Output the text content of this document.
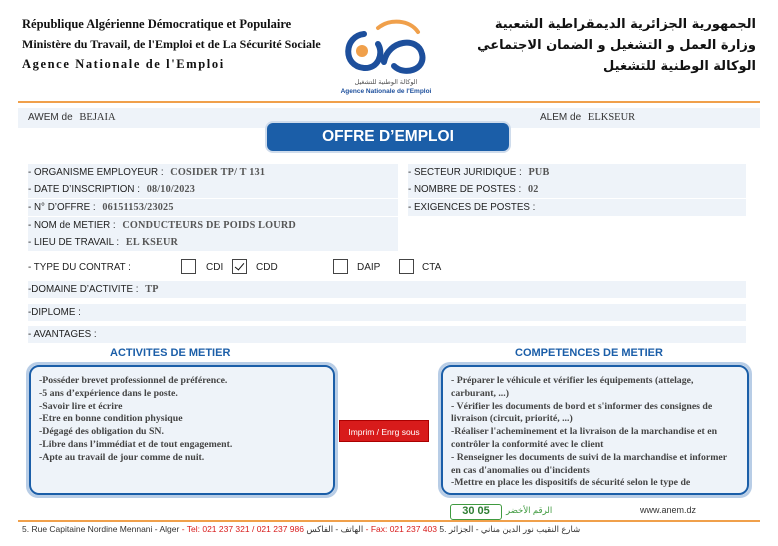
République Algérienne Démocratique et Populaire
Ministère du Travail, de l'Emploi et de La Sécurité Sociale
Agence Nationale de l'Emploi
الوكالة الوطنية للتشغيل
Agence Nationale de l'Emploi
الجمهورية الجزائرية الديمقراطية الشعبية
وزارة العمل و التشغيل و الضمان الاجتماعي
الوكالة الوطنية للتشغيل
AWEM de BEJAIA	ALEM de ELKSEUR
OFFRE D’EMPLOI
- ORGANISME EMPLOYEUR : COSIDER TP/ T 131	- SECTEUR JURIDIQUE : PUB
- DATE D’INSCRIPTION : 08/10/2023	- NOMBRE DE POSTES : 02
- N° D’OFFRE : 06151153/23025	- EXIGENCES DE POSTES :
- NOM de METIER : CONDUCTEURS DE POIDS LOURD
- LIEU DE TRAVAIL : EL KSEUR
- TYPE DU CONTRAT :	CDI	CDD	DAIP	CTA
-DOMAINE D’ACTIVITE : TP
-DIPLOME :
- AVANTAGES :
ACTIVITES DE METIER	COMPETENCES DE METIER
-Posséder brevet professionnel de préférence.
-5 ans d’expérience dans le poste.
-Savoir lire et écrire
-Etre en bonne condition physique
-Dégagé des obligation du SN.
-Libre dans l’immédiat et de tout engagement.
-Apte au travail de jour comme de nuit.
- Préparer le véhicule et vérifier les équipements (attelage, carburant, ...)
- Vérifier les documents de bord et s'informer des consignes de livraison (circuit, priorité, ...)
-Réaliser l'acheminement et la livraison de la marchandise et en contrôler la conformité avec le client
- Renseigner les documents de suivi de la marchandise et informer en cas d'anomalies ou d'incidents
-Mettre en place les dispositifs de sécurité selon le type de
Imprim / Enrg sous
30 05	الرقم الأخضر	www.anem.dz
5. Rue Capitaine Nordine Mennani - Alger - Tel: 021 237 321 / 021 237 986 الهاتف - الفاكس - Fax: 021 237 403 5. شارع النقيب نور الدين مناني - الجزائر
